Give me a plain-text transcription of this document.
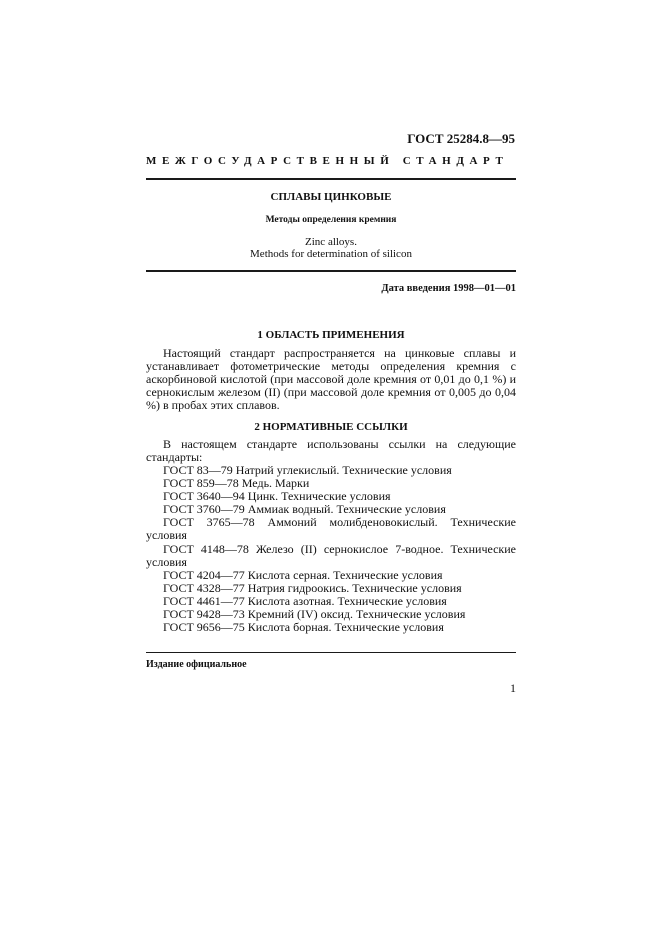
ГОСТ 25284.8—95
МЕЖГОСУДАРСТВЕННЫЙ СТАНДАРТ
СПЛАВЫ ЦИНКОВЫЕ
Методы определения кремния
Zinc alloys.
Methods for determination of silicon
Дата введения 1998—01—01
1 ОБЛАСТЬ ПРИМЕНЕНИЯ
Настоящий стандарт распространяется на цинковые сплавы и устанавливает фотометрические методы определения кремния с аскорбиновой кислотой (при массовой доле кремния от 0,01 до 0,1 %) и сернокислым железом (II) (при массовой доле кремния от 0,005 до 0,04 %) в пробах этих сплавов.
2 НОРМАТИВНЫЕ ССЫЛКИ
В настоящем стандарте использованы ссылки на следующие стандарты:
ГОСТ 83—79 Натрий углекислый. Технические условия
ГОСТ 859—78 Медь. Марки
ГОСТ 3640—94 Цинк. Технические условия
ГОСТ 3760—79 Аммиак водный. Технические условия
ГОСТ 3765—78 Аммоний молибденовокислый. Технические условия
ГОСТ 4148—78 Железо (II) сернокислое 7-водное. Технические условия
ГОСТ 4204—77 Кислота серная. Технические условия
ГОСТ 4328—77 Натрия гидроокись. Технические условия
ГОСТ 4461—77 Кислота азотная. Технические условия
ГОСТ 9428—73 Кремний (IV) оксид. Технические условия
ГОСТ 9656—75 Кислота борная. Технические условия
Издание официальное
1
